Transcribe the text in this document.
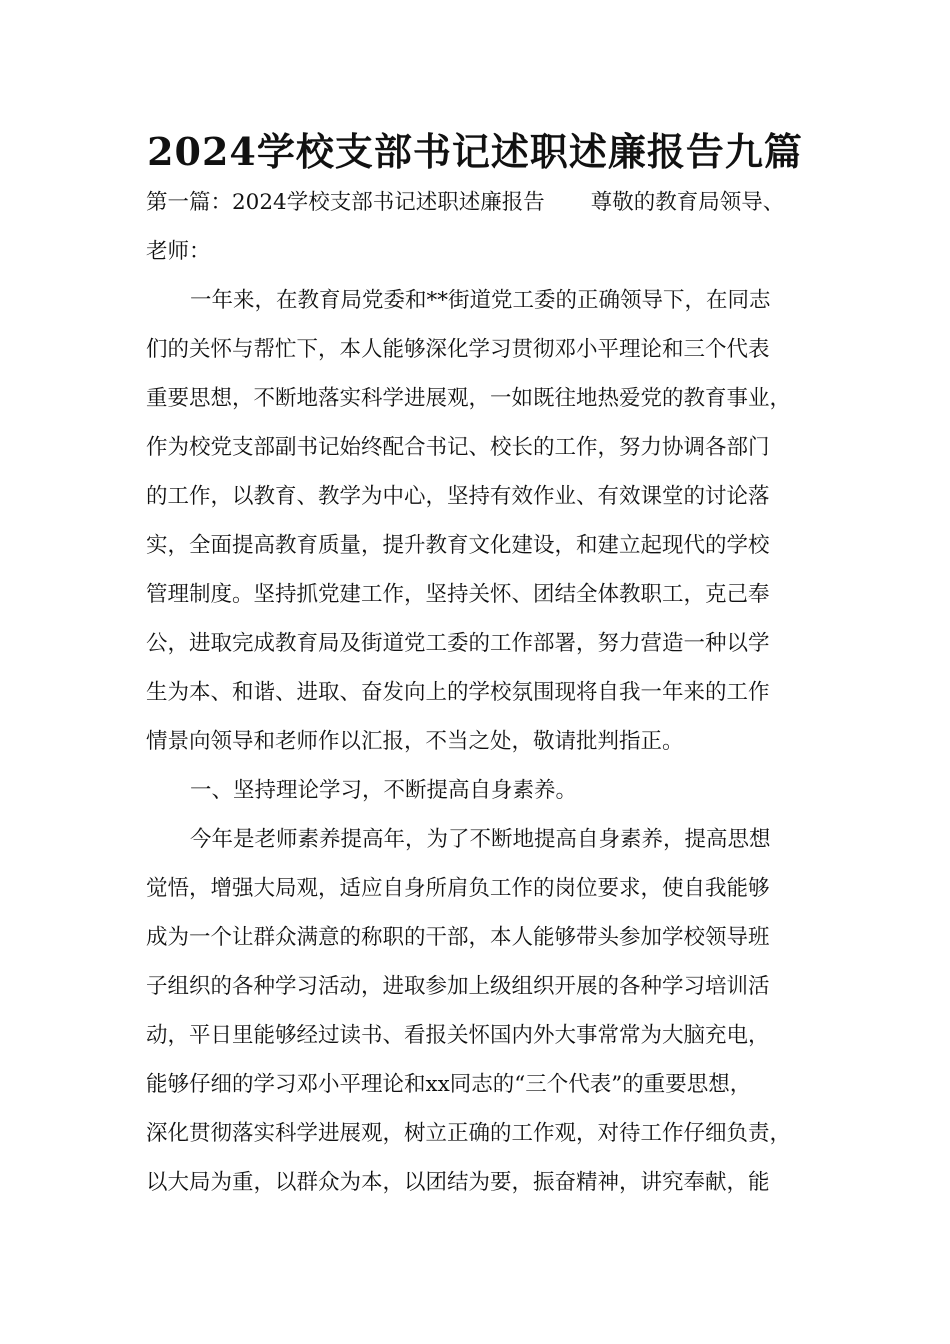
2024学校支部书记述职述廉报告九篇
第一篇：2024学校支部书记述职述廉报告 尊敬的教育局领导、
老师：
一年来，在教育局党委和**街道党工委的正确领导下，在同志
们的关怀与帮忙下，本人能够深化学习贯彻邓小平理论和三个代表
重要思想，不断地落实科学进展观，一如既往地热爱党的教育事业，
作为校党支部副书记始终配合书记、校长的工作，努力协调各部门
的工作，以教育、教学为中心，坚持有效作业、有效课堂的讨论落
实，全面提高教育质量，提升教育文化建设，和建立起现代的学校
管理制度。坚持抓党建工作，坚持关怀、团结全体教职工，克己奉
公，进取完成教育局及街道党工委的工作部署，努力营造一种以学
生为本、和谐、进取、奋发向上的学校氛围现将自我一年来的工作
情景向领导和老师作以汇报，不当之处，敬请批判指正。
一、坚持理论学习，不断提高自身素养。
今年是老师素养提高年，为了不断地提高自身素养，提高思想
觉悟，增强大局观，适应自身所肩负工作的岗位要求，使自我能够
成为一个让群众满意的称职的干部，本人能够带头参加学校领导班
子组织的各种学习活动，进取参加上级组织开展的各种学习培训活
动，平日里能够经过读书、看报关怀国内外大事常常为大脑充电，
能够仔细的学习邓小平理论和xx同志的“三个代表”的重要思想，
深化贯彻落实科学进展观，树立正确的工作观，对待工作仔细负责，
以大局为重，以群众为本，以团结为要，振奋精神，讲究奉献，能
